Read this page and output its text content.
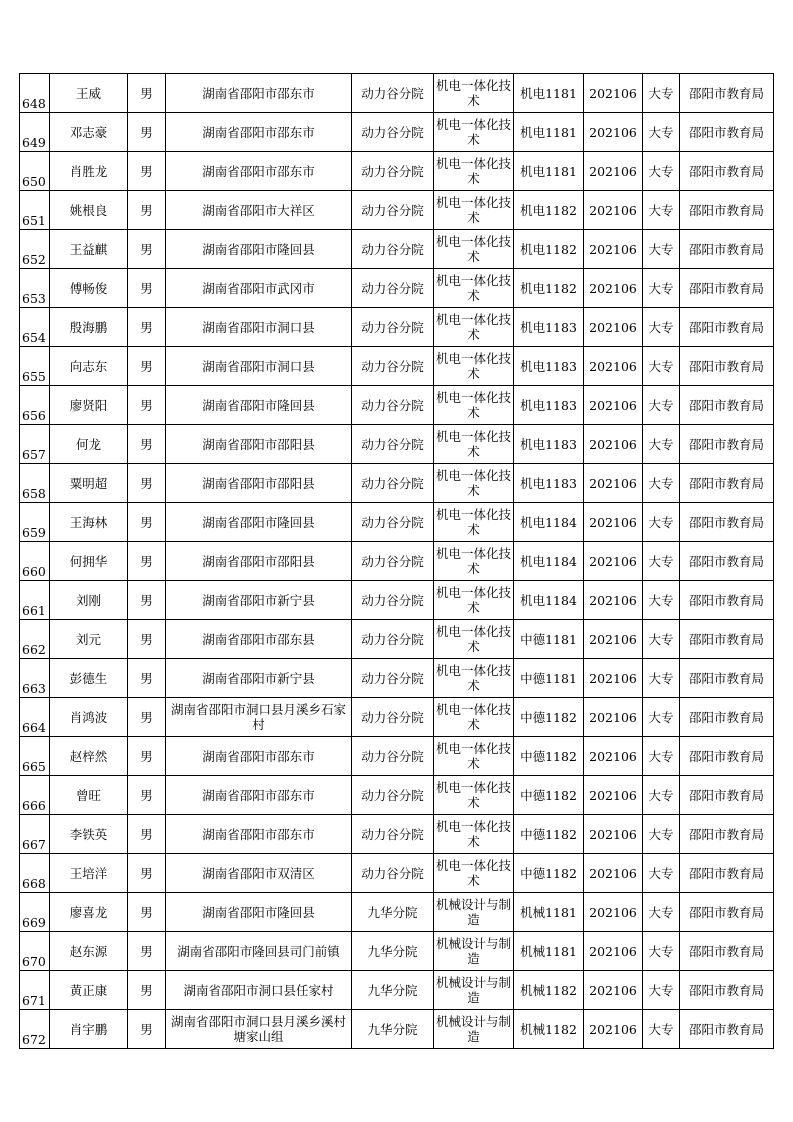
648	王威	男	湖南省邵阳市邵东市	动力谷分院	机电一体化技术	机电1181	202106	大专	邵阳市教育局
649	邓志豪	男	湖南省邵阳市邵东市	动力谷分院	机电一体化技术	机电1181	202106	大专	邵阳市教育局
650	肖胜龙	男	湖南省邵阳市邵东市	动力谷分院	机电一体化技术	机电1181	202106	大专	邵阳市教育局
651	姚根良	男	湖南省邵阳市大祥区	动力谷分院	机电一体化技术	机电1182	202106	大专	邵阳市教育局
652	王益麒	男	湖南省邵阳市隆回县	动力谷分院	机电一体化技术	机电1182	202106	大专	邵阳市教育局
653	傅畅俊	男	湖南省邵阳市武冈市	动力谷分院	机电一体化技术	机电1182	202106	大专	邵阳市教育局
654	殷海鹏	男	湖南省邵阳市洞口县	动力谷分院	机电一体化技术	机电1183	202106	大专	邵阳市教育局
655	向志东	男	湖南省邵阳市洞口县	动力谷分院	机电一体化技术	机电1183	202106	大专	邵阳市教育局
656	廖贤阳	男	湖南省邵阳市隆回县	动力谷分院	机电一体化技术	机电1183	202106	大专	邵阳市教育局
657	何龙	男	湖南省邵阳市邵阳县	动力谷分院	机电一体化技术	机电1183	202106	大专	邵阳市教育局
658	粟明超	男	湖南省邵阳市邵阳县	动力谷分院	机电一体化技术	机电1183	202106	大专	邵阳市教育局
659	王海林	男	湖南省邵阳市隆回县	动力谷分院	机电一体化技术	机电1184	202106	大专	邵阳市教育局
660	何拥华	男	湖南省邵阳市邵阳县	动力谷分院	机电一体化技术	机电1184	202106	大专	邵阳市教育局
661	刘刚	男	湖南省邵阳市新宁县	动力谷分院	机电一体化技术	机电1184	202106	大专	邵阳市教育局
662	刘元	男	湖南省邵阳市邵东县	动力谷分院	机电一体化技术	中德1181	202106	大专	邵阳市教育局
663	彭德生	男	湖南省邵阳市新宁县	动力谷分院	机电一体化技术	中德1181	202106	大专	邵阳市教育局
664	肖鸿波	男	湖南省邵阳市洞口县月溪乡石家村	动力谷分院	机电一体化技术	中德1182	202106	大专	邵阳市教育局
665	赵梓然	男	湖南省邵阳市邵东市	动力谷分院	机电一体化技术	中德1182	202106	大专	邵阳市教育局
666	曾旺	男	湖南省邵阳市邵东市	动力谷分院	机电一体化技术	中德1182	202106	大专	邵阳市教育局
667	李铁英	男	湖南省邵阳市邵东市	动力谷分院	机电一体化技术	中德1182	202106	大专	邵阳市教育局
668	王培洋	男	湖南省邵阳市双清区	动力谷分院	机电一体化技术	中德1182	202106	大专	邵阳市教育局
669	廖喜龙	男	湖南省邵阳市隆回县	九华分院	机械设计与制造	机械1181	202106	大专	邵阳市教育局
670	赵东源	男	湖南省邵阳市隆回县司门前镇	九华分院	机械设计与制造	机械1181	202106	大专	邵阳市教育局
671	黄正康	男	湖南省邵阳市洞口县任家村	九华分院	机械设计与制造	机械1182	202106	大专	邵阳市教育局
672	肖宇鹏	男	湖南省邵阳市洞口县月溪乡溪村塘家山组	九华分院	机械设计与制造	机械1182	202106	大专	邵阳市教育局
